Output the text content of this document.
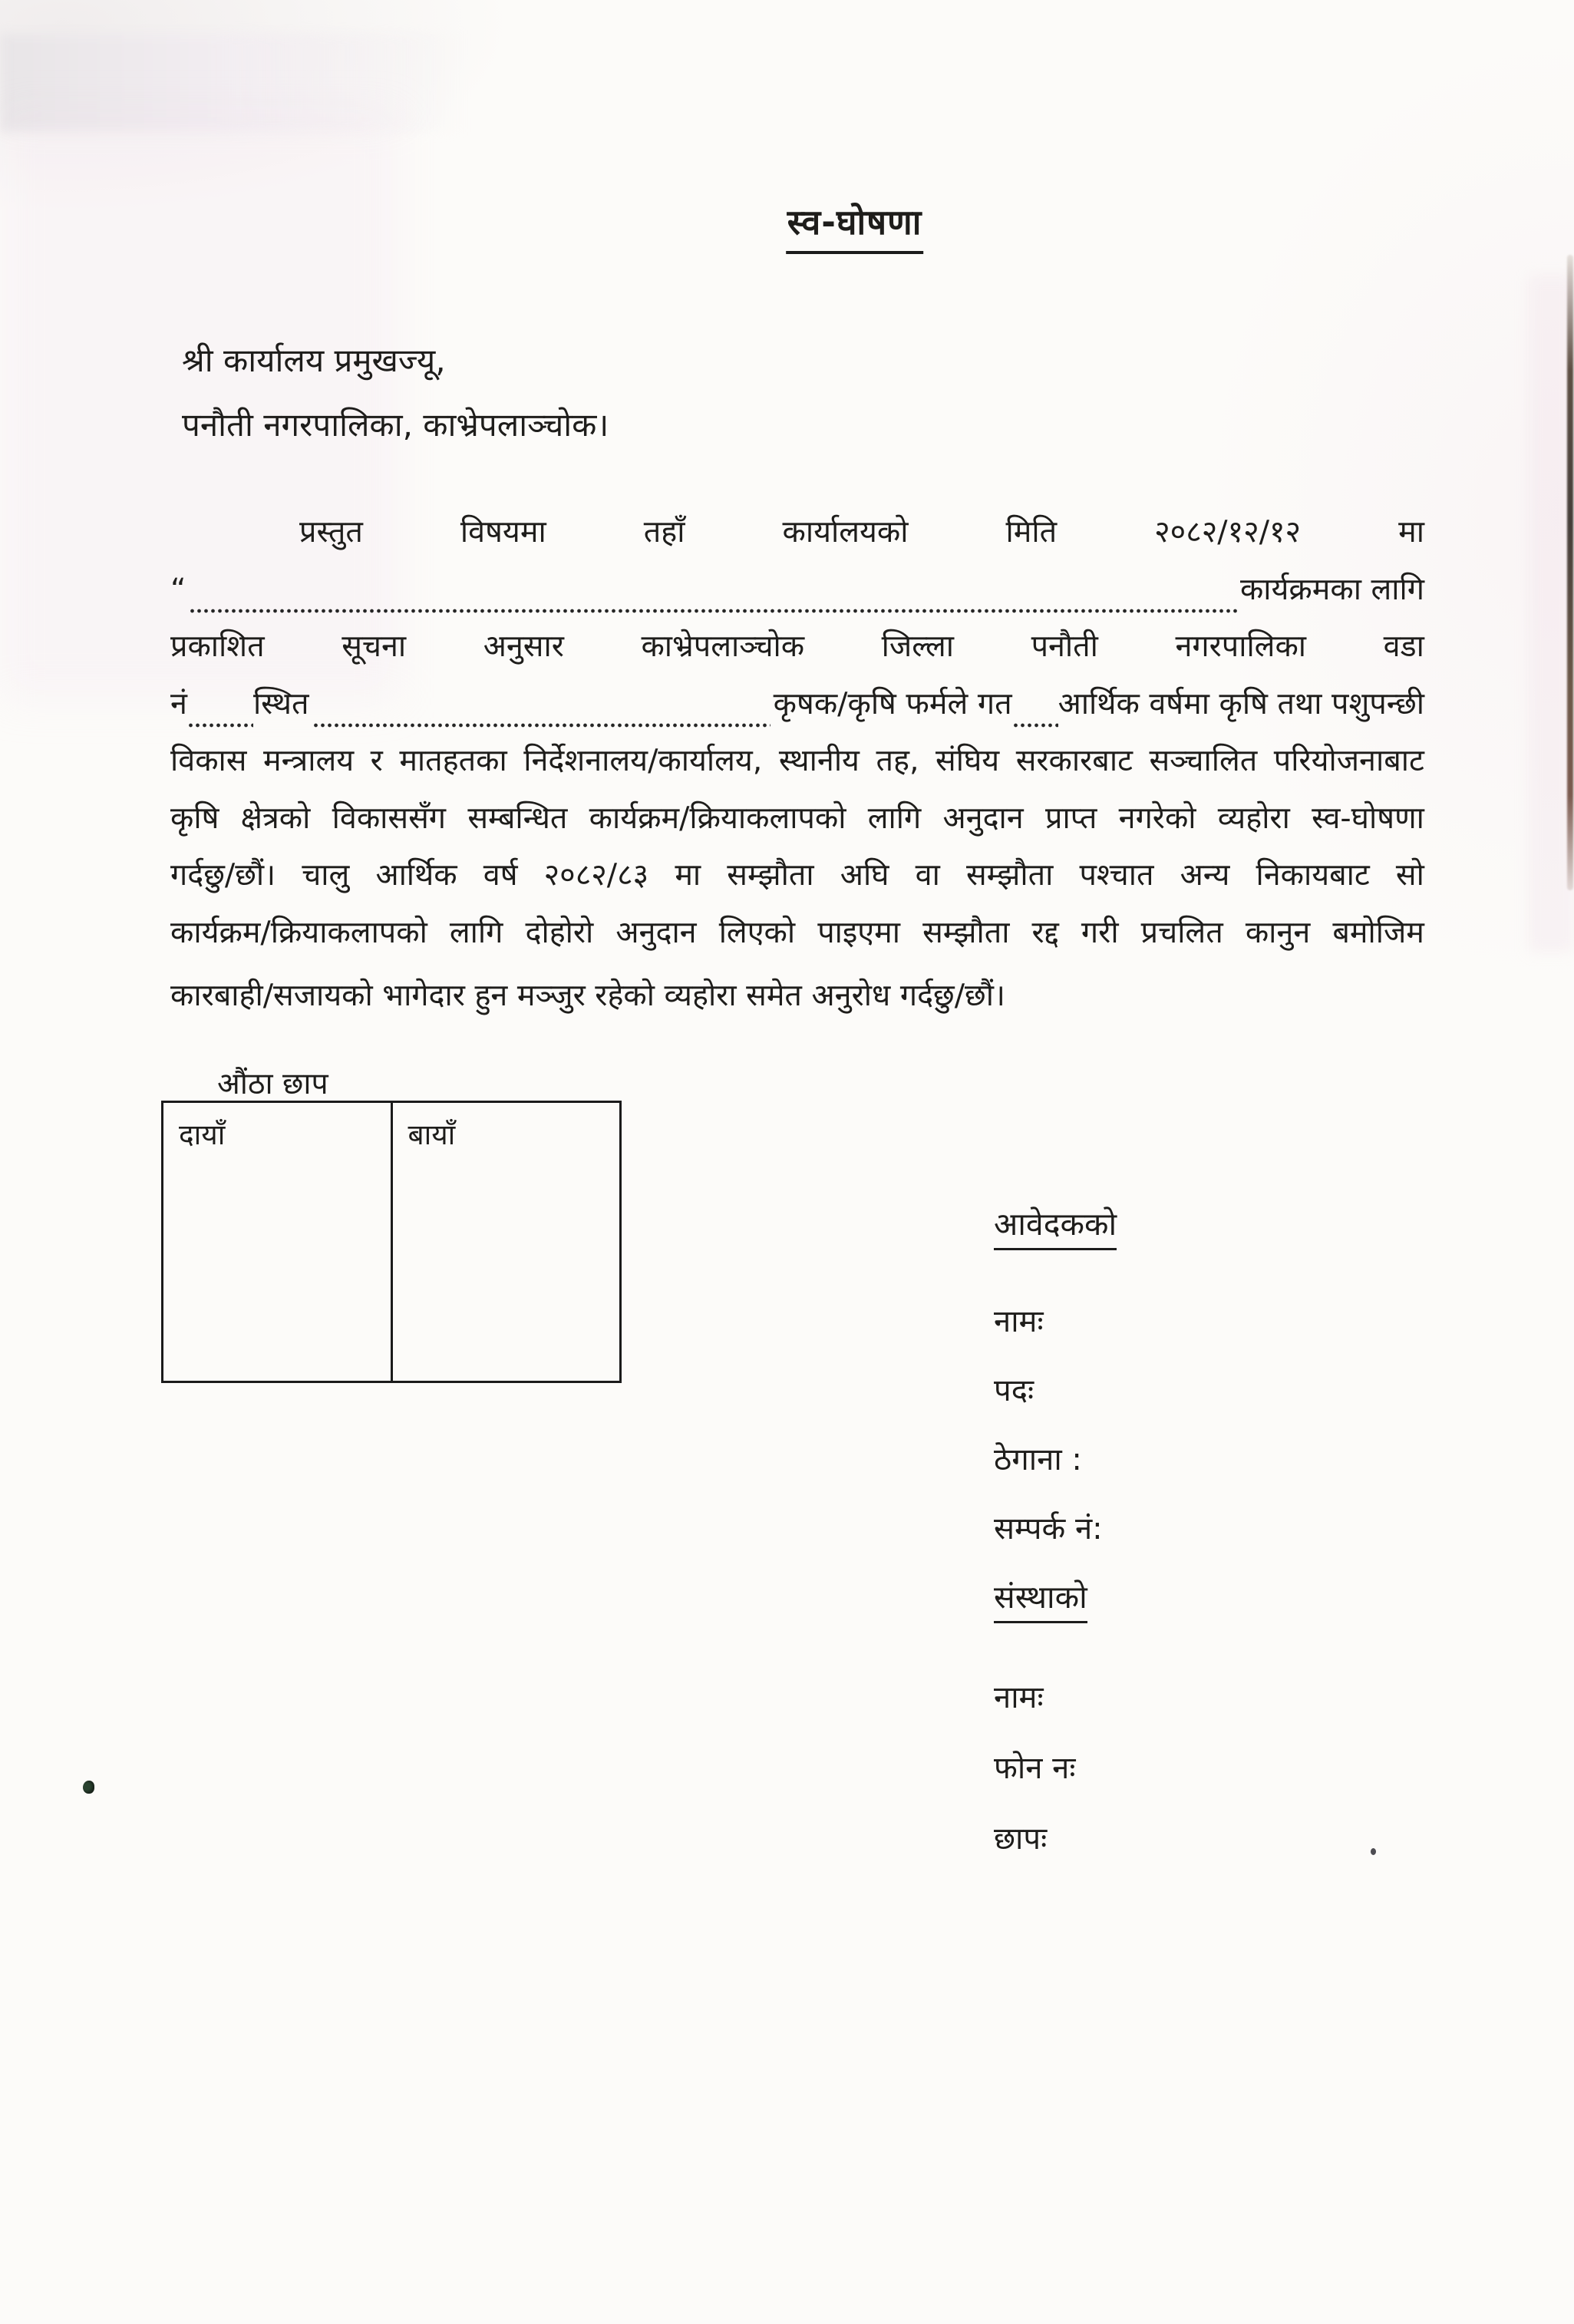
स्व-घोषणा
श्री कार्यालय प्रमुखज्यू,
पनौती नगरपालिका, काभ्रेपलाञ्चोक।
प्रस्तुत	विषयमा	तहाँ	कार्यालयको	मिति	२०८२/१२/१२	मा
“	कार्यक्रमका लागि
प्रकाशित	सूचना	अनुसार	काभ्रेपलाञ्चोक	जिल्ला	पनौती	नगरपालिका	वडा
नं स्थित	कृषक/कृषि फर्मले गत आर्थिक वर्षमा कृषि तथा पशुपन्छी
विकास मन्त्रालय र मातहतका निर्देशनालय/कार्यालय, स्थानीय तह, संघिय सरकारबाट सञ्चालित परियोजनाबाट
कृषि क्षेत्रको विकाससँग सम्बन्धित कार्यक्रम/क्रियाकलापको लागि अनुदान प्राप्त नगरेको व्यहोरा स्व-घोषणा
गर्दछु/छौं। चालु आर्थिक वर्ष २०८२/८३ मा सम्झौता अघि वा सम्झौता पश्चात अन्य निकायबाट सो
कार्यक्रम/क्रियाकलापको लागि दोहोरो अनुदान लिएको पाइएमा सम्झौता रद्द गरी प्रचलित कानुन बमोजिम
कारबाही/सजायको भागेदार हुन मञ्जुर रहेको व्यहोरा समेत अनुरोध गर्दछु/छौं।
औंठा छाप
दायाँ	बायाँ
आवेदकको
नामः
पदः
ठेगाना :
सम्पर्क नं:
संस्थाको
नामः
फोन नः
छापः
